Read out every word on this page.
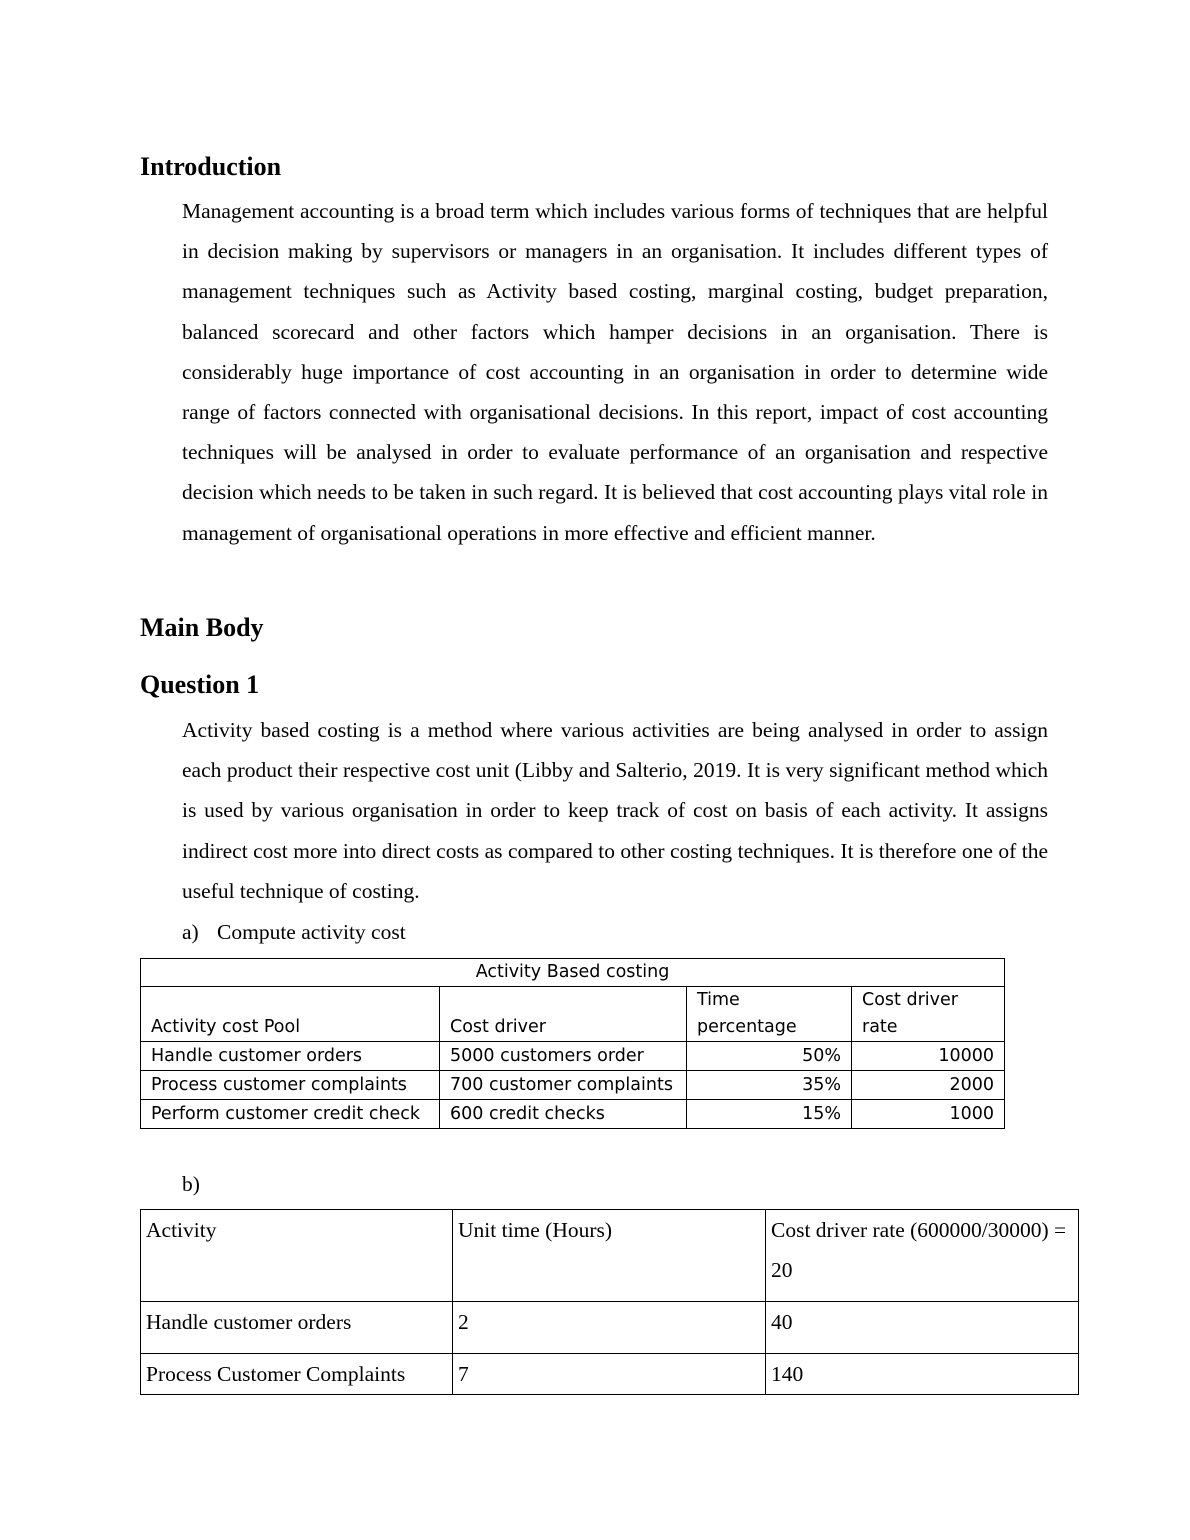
Introduction

Management accounting is a broad term which includes various forms of techniques that are helpful in decision making by supervisors or managers in an organisation. It includes different types of management techniques such as Activity based costing, marginal costing, budget preparation, balanced scorecard and other factors which hamper decisions in an organisation. There is considerably huge importance of cost accounting in an organisation in order to determine wide range of factors connected with organisational decisions. In this report, impact of cost accounting techniques will be analysed in order to evaluate performance of an organisation and respective decision which needs to be taken in such regard. It is believed that cost accounting plays vital role in management of organisational operations in more effective and efficient manner.

Main Body
Question 1

Activity based costing is a method where various activities are being analysed in order to assign each product their respective cost unit (Libby and Salterio, 2019. It is very significant method which is used by various organisation in order to keep track of cost on basis of each activity. It assigns indirect cost more into direct costs as compared to other costing techniques. It is therefore one of the useful technique of costing.

a) Compute activity cost
Activity Based costing			
Activity cost Pool	Cost driver	Time percentage	Cost driver rate

Handle customer orders	5000 customers order	50%	10000
Process customer complaints	700 customer complaints	35%	2000
Perform customer credit check	600 credit checks	15%	1000
b)
Activity	Unit time (Hours)	Cost driver rate (600000/30000) = 20
Handle customer orders	2	40
Process Customer Complaints	7	140
